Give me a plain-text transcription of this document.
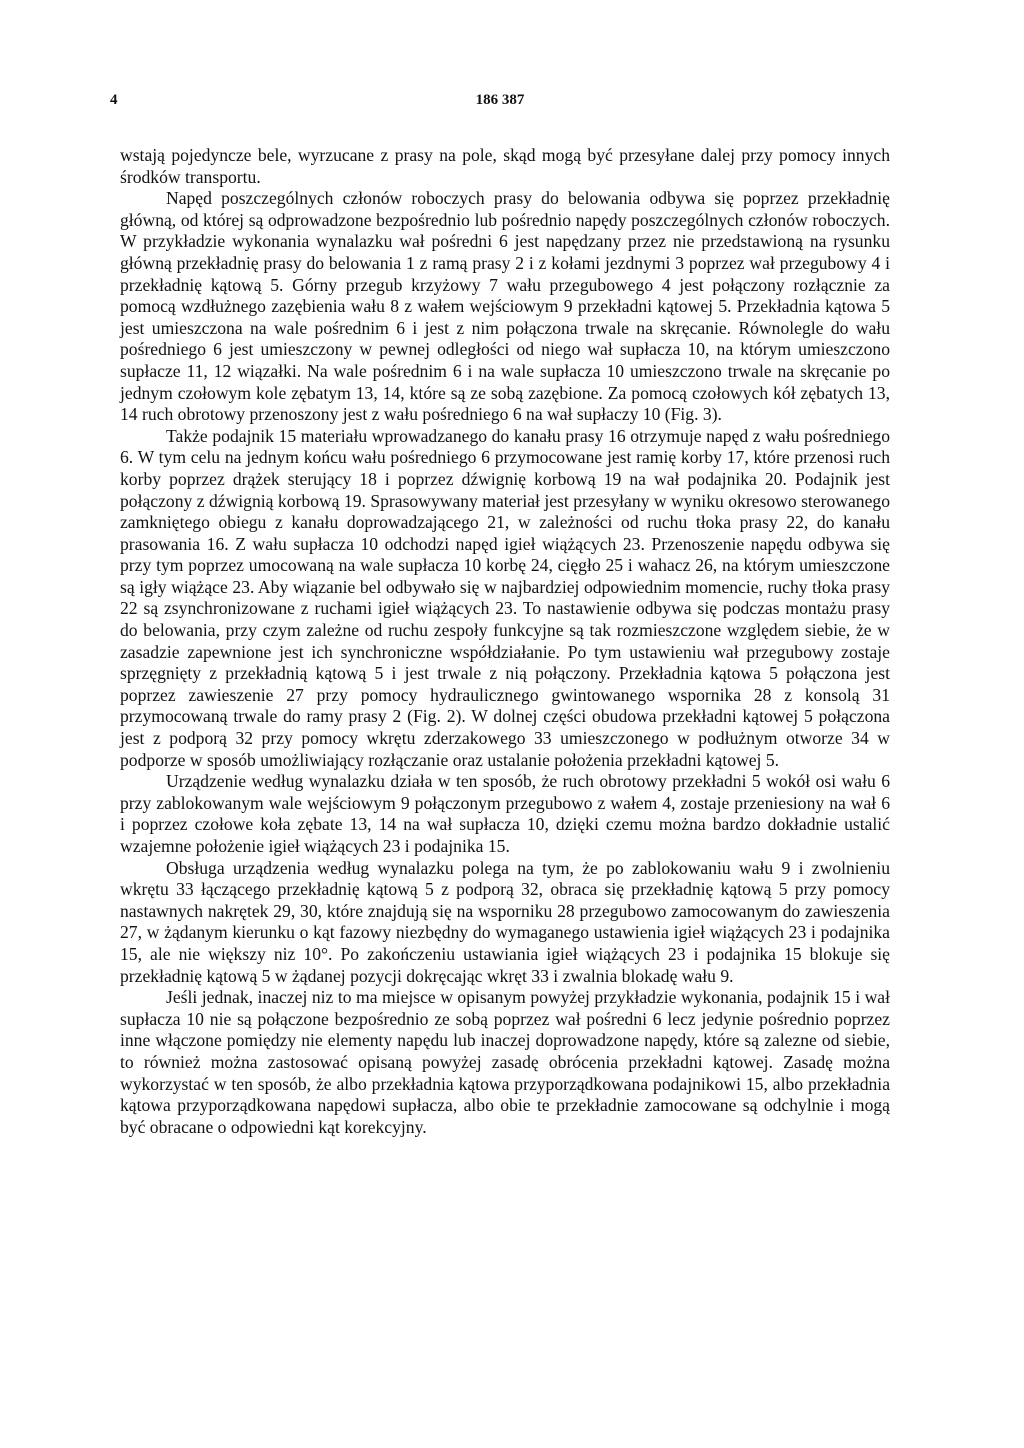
4	186 387

wstają pojedyncze bele, wyrzucane z prasy na pole, skąd mogą być przesyłane dalej przy pomocy innych środków transportu.

Napęd poszczególnych członów roboczych prasy do belowania odbywa się poprzez przekładnię główną, od której są odprowadzone bezpośrednio lub pośrednio napędy poszczególnych członów roboczych. W przykładzie wykonania wynalazku wał pośredni 6 jest napędzany przez nie przedstawioną na rysunku główną przekładnię prasy do belowania 1 z ramą prasy 2 i z kołami jezdnymi 3 poprzez wał przegubowy 4 i przekładnię kątową 5. Górny przegub krzyżowy 7 wału przegubowego 4 jest połączony rozłącznie za pomocą wzdłużnego zazębienia wału 8 z wałem wejściowym 9 przekładni kątowej 5. Przekładnia kątowa 5 jest umieszczona na wale pośrednim 6 i jest z nim połączona trwale na skręcanie. Równolegle do wału pośredniego 6 jest umieszczony w pewnej odległości od niego wał supłacza 10, na którym umieszczono supłacze 11, 12 wiązałki. Na wale pośrednim 6 i na wale supłacza 10 umieszczono trwale na skręcanie po jednym czołowym kole zębatym 13, 14, które są ze sobą zazębione. Za pomocą czołowych kół zębatych 13, 14 ruch obrotowy przenoszony jest z wału pośredniego 6 na wał supłaczy 10 (Fig. 3).

Także podajnik 15 materiału wprowadzanego do kanału prasy 16 otrzymuje napęd z wału pośredniego 6. W tym celu na jednym końcu wału pośredniego 6 przymocowane jest ramię korby 17, które przenosi ruch korby poprzez drążek sterujący 18 i poprzez dźwignię korbową 19 na wał podajnika 20. Podajnik jest połączony z dźwignią korbową 19. Sprasowywany materiał jest przesyłany w wyniku okresowo sterowanego zamkniętego obiegu z kanału doprowadzającego 21, w zależności od ruchu tłoka prasy 22, do kanału prasowania 16. Z wału supłacza 10 odchodzi napęd igieł wiążących 23. Przenoszenie napędu odbywa się przy tym poprzez umocowaną na wale supłacza 10 korbę 24, cięgło 25 i wahacz 26, na którym umieszczone są igły wiążące 23. Aby wiązanie bel odbywało się w najbardziej odpowiednim momencie, ruchy tłoka prasy 22 są zsynchronizowane z ruchami igieł wiążących 23. To nastawienie odbywa się podczas montażu prasy do belowania, przy czym zależne od ruchu zespoły funkcyjne są tak rozmieszczone względem siebie, że w zasadzie zapewnione jest ich synchroniczne współdziałanie. Po tym ustawieniu wał przegubowy zostaje sprzęgnięty z przekładnią kątową 5 i jest trwale z nią połączony. Przekładnia kątowa 5 połączona jest poprzez zawieszenie 27 przy pomocy hydraulicznego gwintowanego wspornika 28 z konsolą 31 przymocowaną trwale do ramy prasy 2 (Fig. 2). W dolnej części obudowa przekładni kątowej 5 połączona jest z podporą 32 przy pomocy wkrętu zderzakowego 33 umieszczonego w podłużnym otworze 34 w podporze w sposób umożliwiający rozłączanie oraz ustalanie położenia przekładni kątowej 5.

Urządzenie według wynalazku działa w ten sposób, że ruch obrotowy przekładni 5 wokół osi wału 6 przy zablokowanym wale wejściowym 9 połączonym przegubowo z wałem 4, zostaje przeniesiony na wał 6 i poprzez czołowe koła zębate 13, 14 na wał supłacza 10, dzięki czemu można bardzo dokładnie ustalić wzajemne położenie igieł wiążących 23 i podajnika 15.

Obsługa urządzenia według wynalazku polega na tym, że po zablokowaniu wału 9 i zwolnieniu wkrętu 33 łączącego przekładnię kątową 5 z podporą 32, obraca się przekładnię kątową 5 przy pomocy nastawnych nakrętek 29, 30, które znajdują się na wsporniku 28 przegubowo zamocowanym do zawieszenia 27, w żądanym kierunku o kąt fazowy niezbędny do wymaganego ustawienia igieł wiążących 23 i podajnika 15, ale nie większy niz 10°. Po zakończeniu ustawiania igieł wiążących 23 i podajnika 15 blokuje się przekładnię kątową 5 w żądanej pozycji dokręcając wkręt 33 i zwalnia blokadę wału 9.

Jeśli jednak, inaczej niz to ma miejsce w opisanym powyżej przykładzie wykonania, podajnik 15 i wał supłacza 10 nie są połączone bezpośrednio ze sobą poprzez wał pośredni 6 lecz jedynie pośrednio poprzez inne włączone pomiędzy nie elementy napędu lub inaczej doprowadzone napędy, które są zalezne od siebie, to również można zastosować opisaną powyżej zasadę obrócenia przekładni kątowej. Zasadę można wykorzystać w ten sposób, że albo przekładnia kątowa przyporządkowana podajnikowi 15, albo przekładnia kątowa przyporządkowana napędowi supłacza, albo obie te przekładnie zamocowane są odchylnie i mogą być obracane o odpowiedni kąt korekcyjny.
